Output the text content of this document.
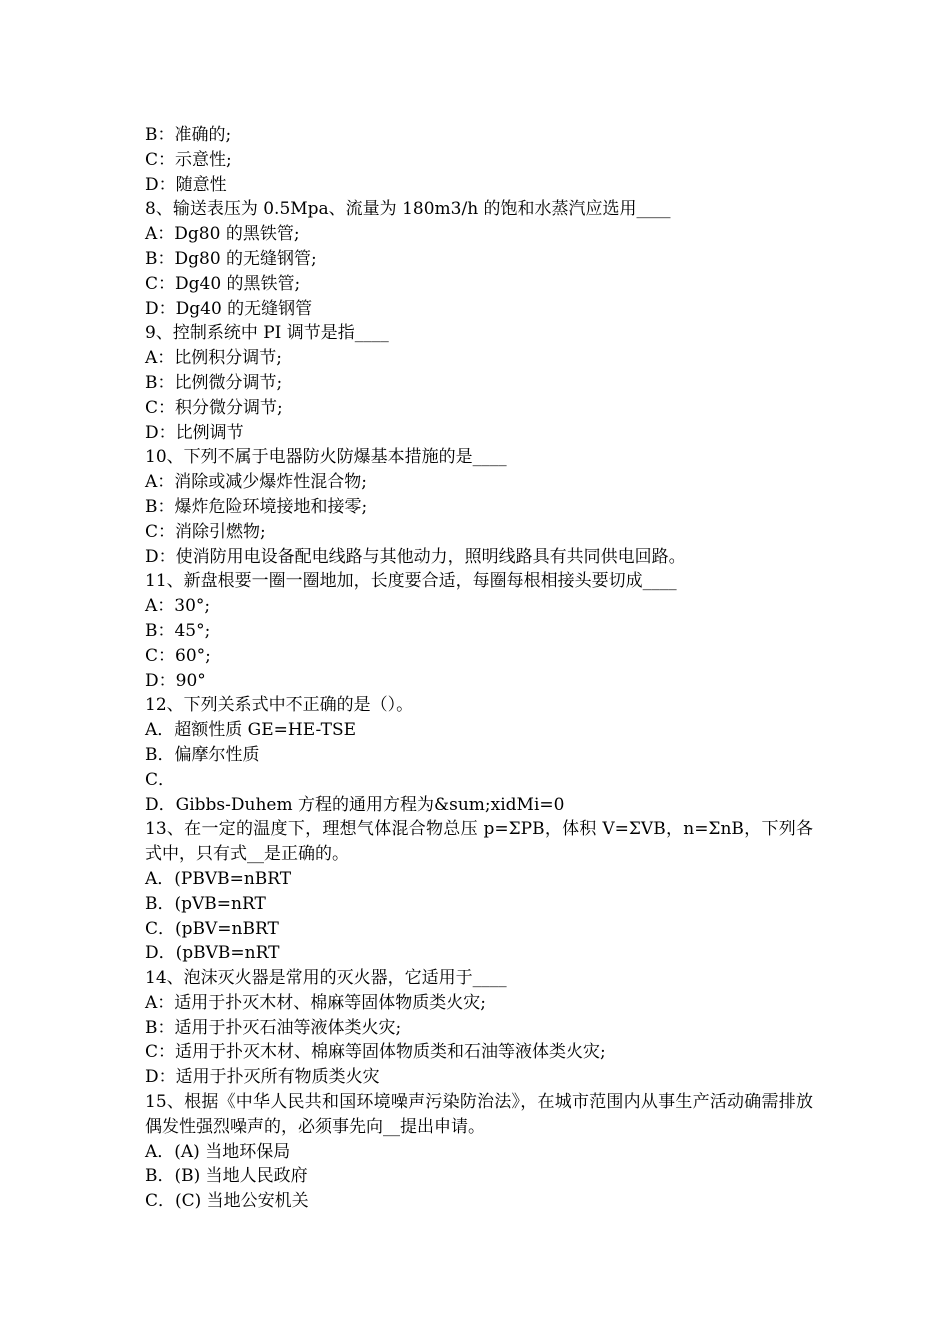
B：准确的;

C：示意性;

D：随意性

8、输送表压为 0.5Mpa、流量为 180m3/h 的饱和水蒸汽应选用____

A：Dg80 的黑铁管;

B：Dg80 的无缝钢管;

C：Dg40 的黑铁管;

D：Dg40 的无缝钢管

9、控制系统中 PI 调节是指____

A：比例积分调节;

B：比例微分调节;

C：积分微分调节;

D：比例调节

10、下列不属于电器防火防爆基本措施的是____

A：消除或减少爆炸性混合物;

B：爆炸危险环境接地和接零;

C：消除引燃物;

D：使消防用电设备配电线路与其他动力，照明线路具有共同供电回路。

11、新盘根要一圈一圈地加，长度要合适，每圈每根相接头要切成____

A：30°;

B：45°;

C：60°;

D：90°

12、下列关系式中不正确的是（）。

A．超额性质 GE=HE-TSE

B．偏摩尔性质

C．

D．Gibbs-Duhem 方程的通用方程为&sum;xidMi=0

13、在一定的温度下，理想气体混合物总压 p=ΣPB，体积 V=ΣVB，n=ΣnB，下列各式中，只有式__是正确的。

A．(PBVB=nBRT

B．(pVB=nRT

C．(pBV=nBRT

D．(pBVB=nRT

14、泡沫灭火器是常用的灭火器，它适用于____

A：适用于扑灭木材、棉麻等固体物质类火灾;

B：适用于扑灭石油等液体类火灾;

C：适用于扑灭木材、棉麻等固体物质类和石油等液体类火灾;

D：适用于扑灭所有物质类火灾

15、根据《中华人民共和国环境噪声污染防治法》，在城市范围内从事生产活动确需排放偶发性强烈噪声的，必须事先向__提出申请。

A．(A) 当地环保局

B．(B) 当地人民政府

C．(C) 当地公安机关
